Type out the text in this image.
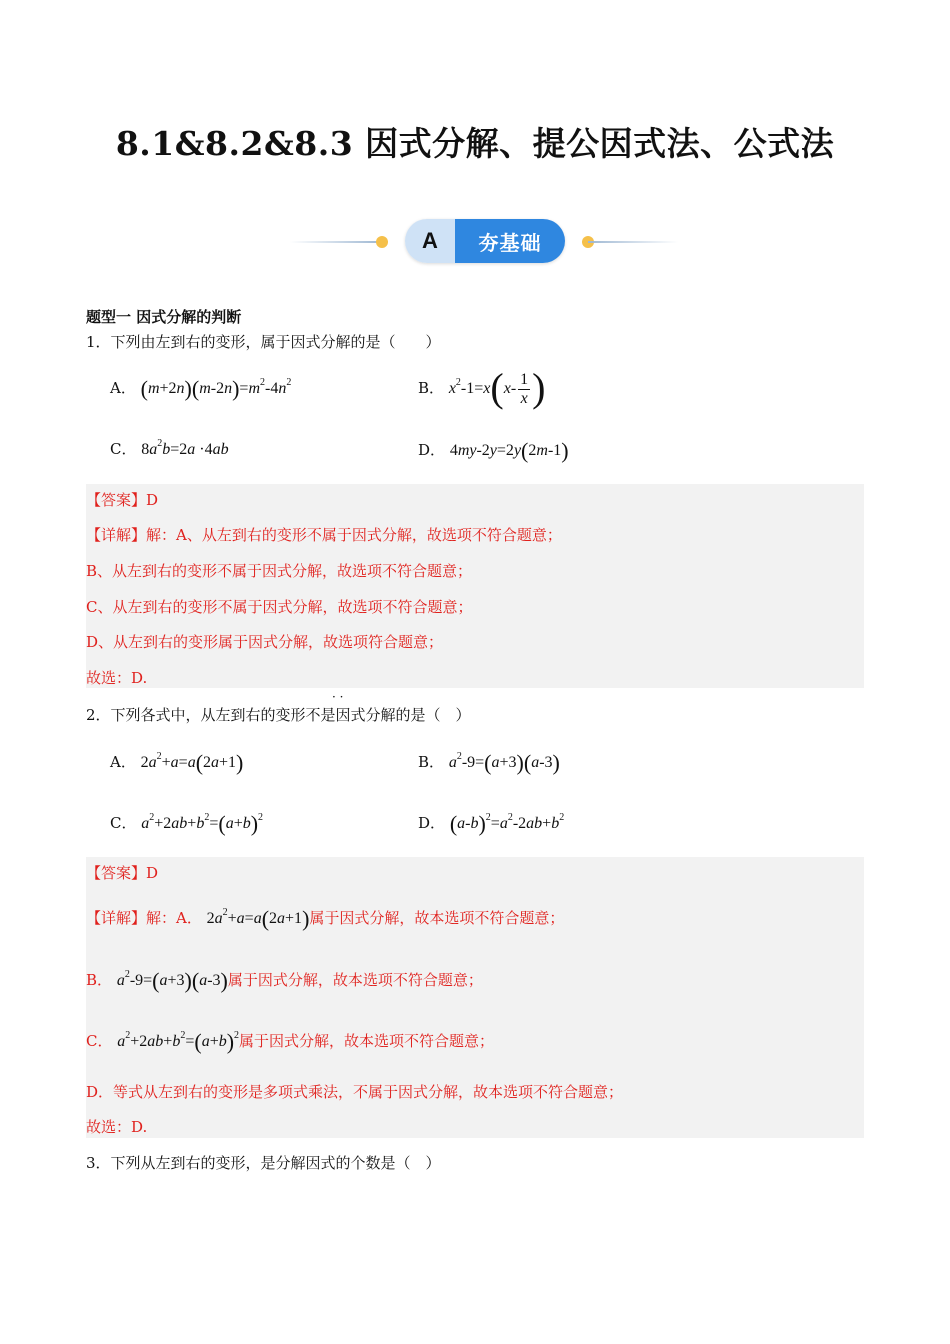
8.1&8.2&8.3 因式分解、提公因式法、公式法
A	夯基础
题型一 因式分解的判断
1．下列由左到右的变形，属于因式分解的是（　　）
A． $(m+2n)(m-2n)=m^2-4n^2$	B． $x^2-1=x(x- \frac{1}{x}$ )
C． $8a^2b=2a \cdot 4ab$	D． 4my-2y=2y(2m-1)
【答案】D
【详解】解：A、从左到右的变形不属于因式分解，故选项不符合题意；
B、从左到右的变形不属于因式分解，故选项不符合题意；
C、从左到右的变形不属于因式分解，故选项不符合题意；
D、从左到右的变形属于因式分解，故选项符合题意；
故选：D.
2．下列各式中，从左到右的变形不是因式分解的是（　）
· ·
A． $2a^2+a=a(2a+1)$	B． $a^2-9=(a+3)(a-3)$
C． $a^2+2ab+b^2=(a+b)^2$	D． $(a-b)^2=a^2-2ab+b^2$
【答案】D
【详解】解：A． $2a^2+a=a(2a+1)$属于因式分解，故本选项不符合题意；
B． $a^2-9=(a+3)(a-3)$属于因式分解，故本选项不符合题意；
C． $a^2+2ab+b^2=(a+b)^2$属于因式分解，故本选项不符合题意；
D．等式从左到右的变形是多项式乘法，不属于因式分解，故本选项不符合题意；
故选：D.
3．下列从左到右的变形，是分解因式的个数是（　）
